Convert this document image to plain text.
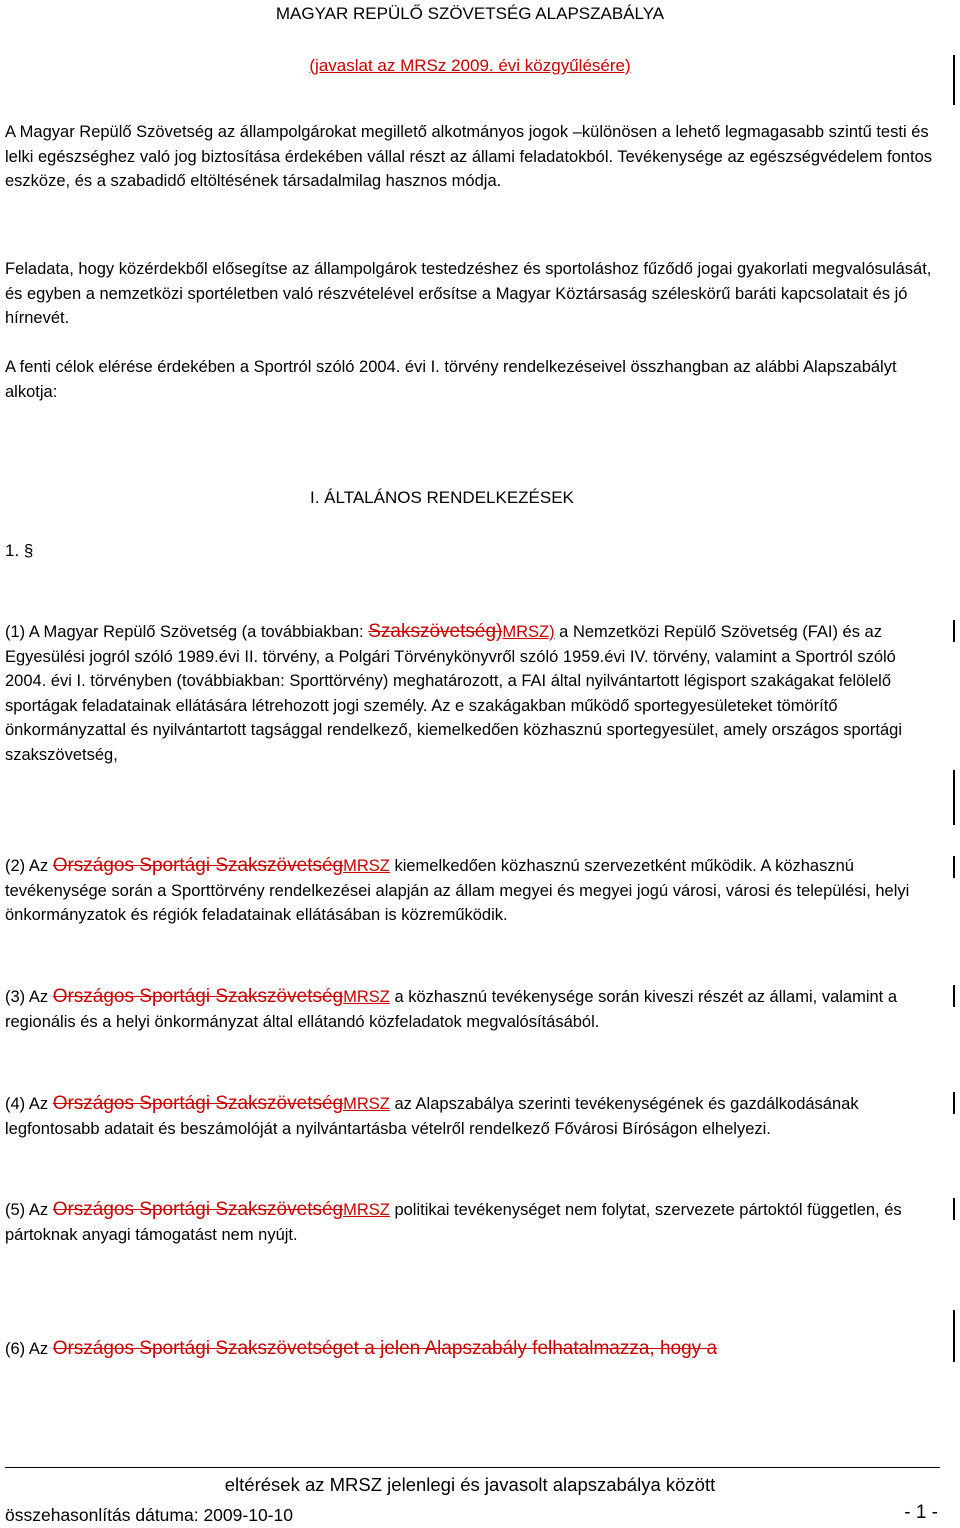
MAGYAR REPÜLŐ SZÖVETSÉG ALAPSZABÁLYA
(javaslat az MRSz 2009. évi közgyűlésére)
A Magyar Repülő Szövetség az állampolgárokat megillető alkotmányos jogok –különösen a lehető legmagasabb szintű testi és lelki egészséghez való jog biztosítása érdekében vállal részt az állami feladatokból. Tevékenysége az egészségvédelem fontos eszköze, és a szabadidő eltöltésének társadalmilag hasznos módja.
Feladata, hogy közérdekből elősegítse az állampolgárok testedzéshez és sportoláshoz fűződő jogai gyakorlati megvalósulását, és egyben a nemzetközi sportéletben való részvételével erősítse a Magyar Köztársaság széleskörű baráti kapcsolatait és jó hírnevét.
A fenti célok elérése érdekében a Sportról szóló 2004. évi I. törvény rendelkezéseivel összhangban az alábbi Alapszabályt alkotja:
I. ÁLTALÁNOS RENDELKEZÉSEK
1. §
(1) A Magyar Repülő Szövetség (a továbbiakban: Szakszövetség)MRSZ) a Nemzetközi Repülő Szövetség (FAI) és az Egyesülési jogról szóló 1989.évi II. törvény, a Polgári Törvénykönyvről szóló 1959.évi IV. törvény, valamint a Sportról szóló 2004. évi I. törvényben (továbbiakban: Sporttörvény) meghatározott, a FAI által nyilvántartott légisport szakágakat felölelő sportágak feladatainak ellátására létrehozott jogi személy. Az e szakágakban működő sportegyesületeket tömörítő önkormányzattal és nyilvántartott tagsággal rendelkező, kiemelkedően közhasznú sportegyesület, amely országos sportági szakszövetség,
(2) Az Országos Sportági SzakszövetségMRSZ kiemelkedően közhasznú szervezetként működik. A közhasznú tevékenysége során a Sporttörvény rendelkezései alapján az állam megyei és megyei jogú városi, városi és települési, helyi önkormányzatok és régiók feladatainak ellátásában is közreműködik.
(3) Az Országos Sportági SzakszövetségMRSZ a közhasznú tevékenysége során kiveszi részét az állami, valamint a regionális és a helyi önkormányzat által ellátandó közfeladatok megvalósításából.
(4) Az Országos Sportági SzakszövetségMRSZ az Alapszabálya szerinti tevékenységének és gazdálkodásának legfontosabb adatait és beszámolóját a nyilvántartásba vételről rendelkező Fővárosi Bíróságon elhelyezi.
(5) Az Országos Sportági SzakszövetségMRSZ politikai tevékenységet nem folytat, szervezete pártoktól független, és pártoknak anyagi támogatást nem nyújt.
(6) Az Országos Sportági Szakszövetséget a jelen Alapszabály felhatalmazza, hogy a
eltérések az MRSZ jelenlegi és javasolt alapszabálya között
összehasonlítás dátuma: 2009-10-10	- 1 -
